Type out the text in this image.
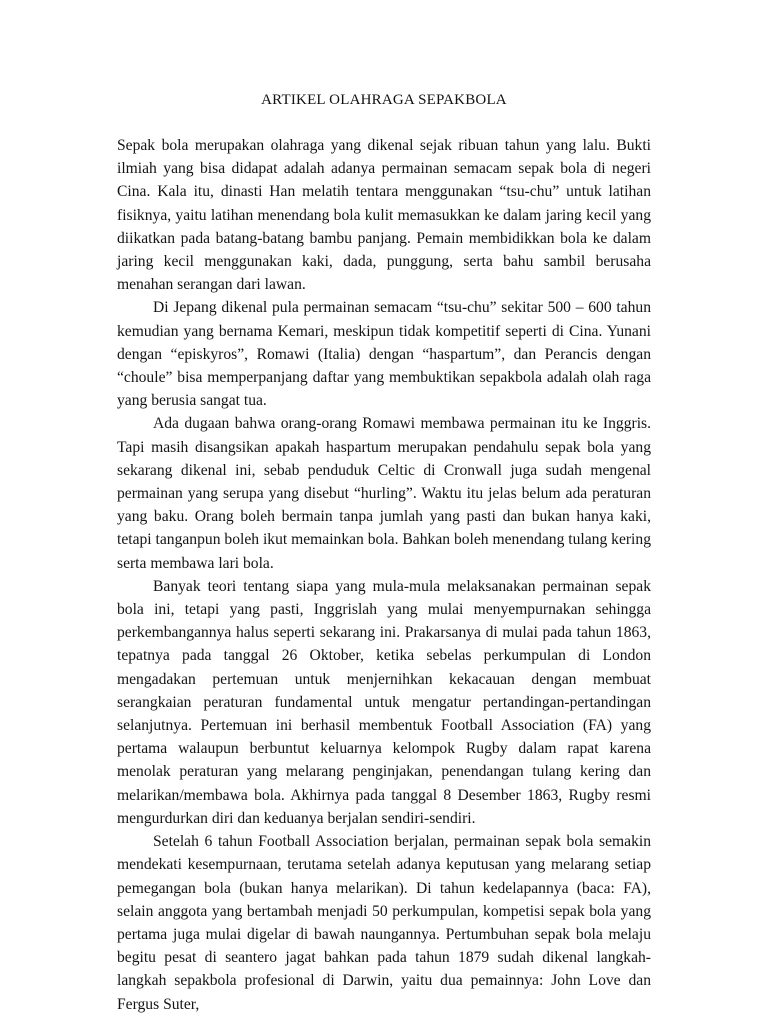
ARTIKEL OLAHRAGA SEPAKBOLA

Sepak bola merupakan olahraga yang dikenal sejak ribuan tahun yang lalu. Bukti ilmiah yang bisa didapat adalah adanya permainan semacam sepak bola di negeri Cina. Kala itu, dinasti Han melatih tentara menggunakan “tsu-chu” untuk latihan fisiknya, yaitu latihan menendang bola kulit memasukkan ke dalam jaring kecil yang diikatkan pada batang-batang bambu panjang. Pemain membidikkan bola ke dalam jaring kecil menggunakan kaki, dada, punggung, serta bahu sambil berusaha menahan serangan dari lawan.

Di Jepang dikenal pula permainan semacam “tsu-chu” sekitar 500 – 600 tahun kemudian yang bernama Kemari, meskipun tidak kompetitif seperti di Cina. Yunani dengan “episkyros”, Romawi (Italia) dengan “haspartum”, dan Perancis dengan “choule” bisa memperpanjang daftar yang membuktikan sepakbola adalah olah raga yang berusia sangat tua.

Ada dugaan bahwa orang-orang Romawi membawa permainan itu ke Inggris. Tapi masih disangsikan apakah haspartum merupakan pendahulu sepak bola yang sekarang dikenal ini, sebab penduduk Celtic di Cronwall juga sudah mengenal permainan yang serupa yang disebut “hurling”. Waktu itu jelas belum ada peraturan yang baku. Orang boleh bermain tanpa jumlah yang pasti dan bukan hanya kaki, tetapi tanganpun boleh ikut memainkan bola. Bahkan boleh menendang tulang kering serta membawa lari bola.

Banyak teori tentang siapa yang mula-mula melaksanakan permainan sepak bola ini, tetapi yang pasti, Inggrislah yang mulai menyempurnakan sehingga perkembangannya halus seperti sekarang ini. Prakarsanya di mulai pada tahun 1863, tepatnya pada tanggal 26 Oktober, ketika sebelas perkumpulan di London mengadakan pertemuan untuk menjernihkan kekacauan dengan membuat serangkaian peraturan fundamental untuk mengatur pertandingan-pertandingan selanjutnya. Pertemuan ini berhasil membentuk Football Association (FA) yang pertama walaupun berbuntut keluarnya kelompok Rugby dalam rapat karena menolak peraturan yang melarang penginjakan, penendangan tulang kering dan melarikan/membawa bola. Akhirnya pada tanggal 8 Desember 1863, Rugby resmi mengurdurkan diri dan keduanya berjalan sendiri-sendiri.

Setelah 6 tahun Football Association berjalan, permainan sepak bola semakin mendekati kesempurnaan, terutama setelah adanya keputusan yang melarang setiap pemegangan bola (bukan hanya melarikan). Di tahun kedelapannya (baca: FA), selain anggota yang bertambah menjadi 50 perkumpulan, kompetisi sepak bola yang pertama juga mulai digelar di bawah naungannya. Pertumbuhan sepak bola melaju begitu pesat di seantero jagat bahkan pada tahun 1879 sudah dikenal langkah-langkah sepakbola profesional di Darwin, yaitu dua pemainnya: John Love dan Fergus Suter,
